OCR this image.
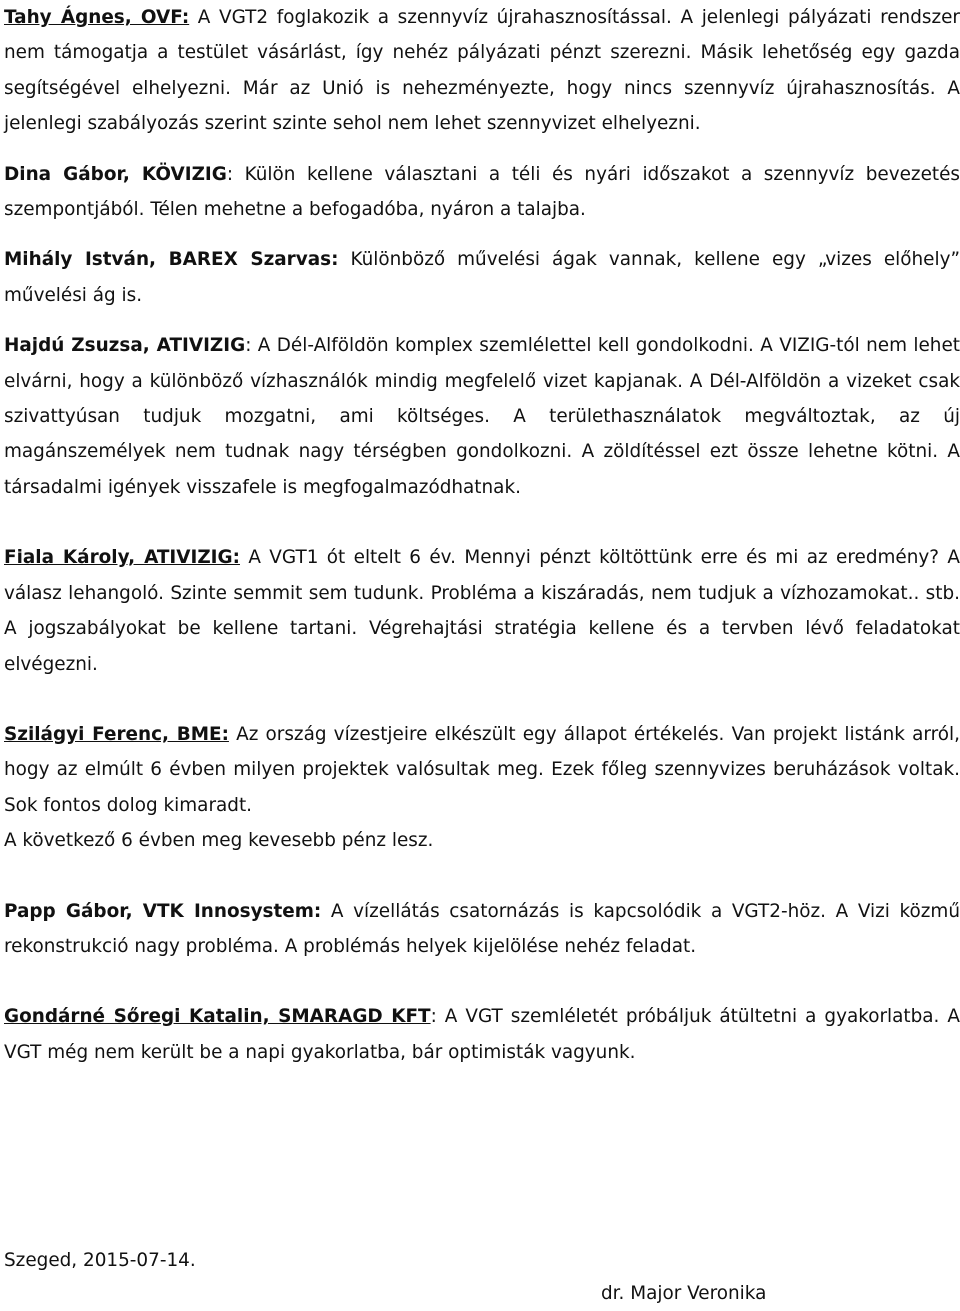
Tahy Ágnes, OVF: A VGT2 foglakozik a szennyvíz újrahasznosítással. A jelenlegi pályázati rendszer nem támogatja a testület vásárlást, így nehéz pályázati pénzt szerezni. Másik lehetőség egy gazda segítségével elhelyezni. Már az Unió is nehezményezte, hogy nincs szennyvíz újrahasznosítás. A jelenlegi szabályozás szerint szinte sehol nem lehet szennyvizet elhelyezni.

Dina Gábor, KÖVIZIG: Külön kellene választani a téli és nyári időszakot a szennyvíz bevezetés szempontjából. Télen mehetne a befogadóba, nyáron a talajba.

Mihály István, BAREX Szarvas: Különböző művelési ágak vannak, kellene egy „vizes előhely” művelési ág is.

Hajdú Zsuzsa, ATIVIZIG: A Dél-Alföldön komplex szemlélettel kell gondolkodni. A VIZIG-tól nem lehet elvárni, hogy a különböző vízhasználók mindig megfelelő vizet kapjanak. A Dél-Alföldön a vizeket csak szivattyúsan tudjuk mozgatni, ami költséges. A területhasználatok megváltoztak, az új magánszemélyek nem tudnak nagy térségben gondolkozni. A zöldítéssel ezt össze lehetne kötni. A társadalmi igények visszafele is megfogalmazódhatnak.

Fiala Károly, ATIVIZIG: A VGT1 ót eltelt 6 év. Mennyi pénzt költöttünk erre és mi az eredmény? A válasz lehangoló. Szinte semmit sem tudunk. Probléma a kiszáradás, nem tudjuk a vízhozamokat.. stb. A jogszabályokat be kellene tartani. Végrehajtási stratégia kellene és a tervben lévő feladatokat elvégezni.

Szilágyi Ferenc, BME: Az ország vízestjeire elkészült egy állapot értékelés. Van projekt listánk arról, hogy az elmúlt 6 évben milyen projektek valósultak meg. Ezek főleg szennyvizes beruházások voltak. Sok fontos dolog kimaradt.
A következő 6 évben meg kevesebb pénz lesz.

Papp Gábor, VTK Innosystem: A vízellátás csatornázás is kapcsolódik a VGT2-höz. A Vizi közmű rekonstrukció nagy probléma. A problémás helyek kijelölése nehéz feladat.

Gondárné Sőregi Katalin, SMARAGD KFT: A VGT szemléletét próbáljuk átültetni a gyakorlatba. A VGT még nem került be a napi gyakorlatba, bár optimisták vagyunk.

Szeged, 2015-07-14.

dr. Major Veronika
